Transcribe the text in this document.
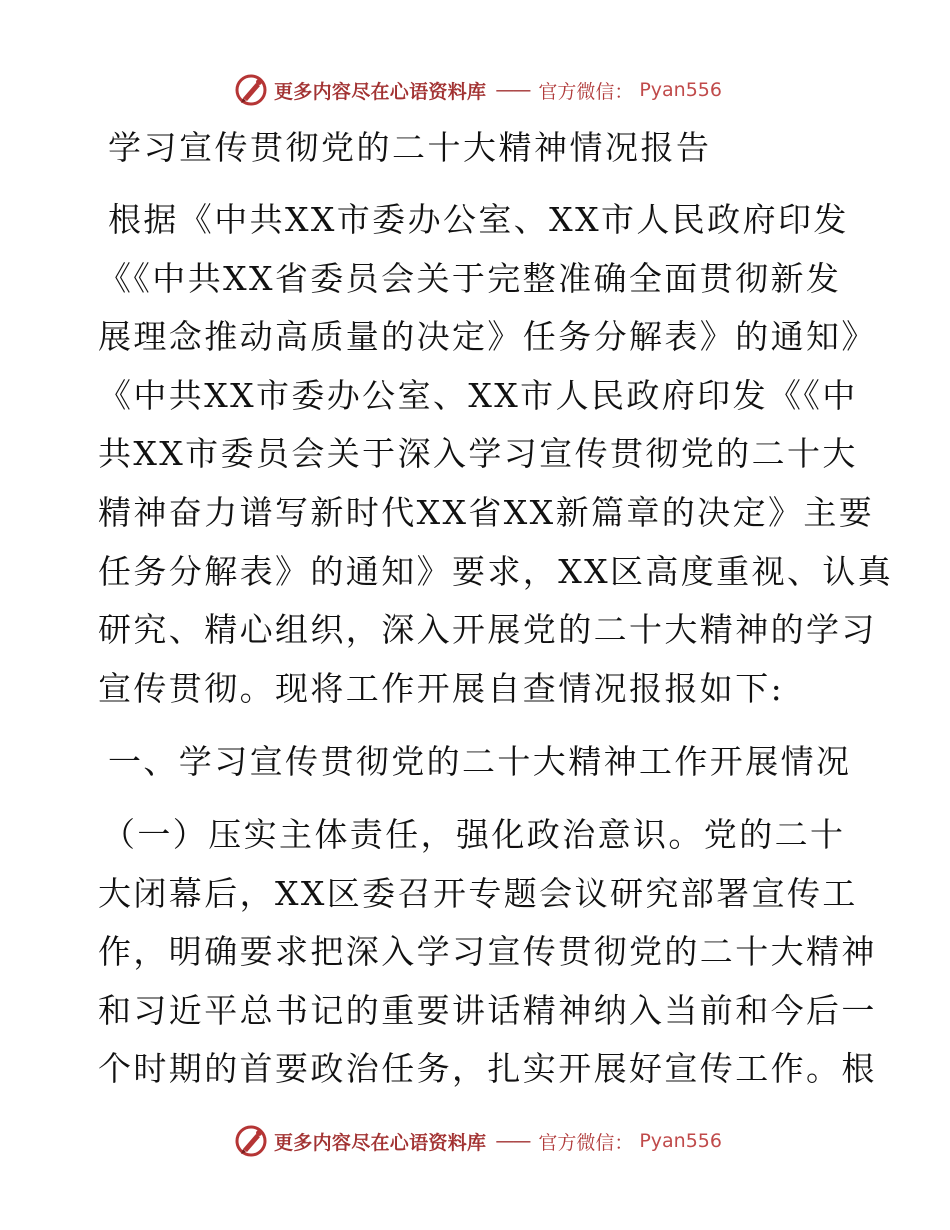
更多内容尽在心语资料库 —— 官方微信： Pyan556
学习宣传贯彻党的二十大精神情况报告

根据《中共XX市委办公室、XX市人民政府印发
《《中共XX省委员会关于完整准确全面贯彻新发
展理念推动高质量的决定》任务分解表》的通知》
《中共XX市委办公室、XX市人民政府印发《《中
共XX市委员会关于深入学习宣传贯彻党的二十大
精神奋力谱写新时代XX省XX新篇章的决定》主要
任务分解表》的通知》要求，XX区高度重视、认真
研究、精心组织，深入开展党的二十大精神的学习
宣传贯彻。现将工作开展自查情况报报如下:

一、学习宣传贯彻党的二十大精神工作开展情况

（一）压实主体责任，强化政治意识。党的二十
大闭幕后，XX区委召开专题会议研究部署宣传工
作，明确要求把深入学习宣传贯彻党的二十大精神
和习近平总书记的重要讲话精神纳入当前和今后一
个时期的首要政治任务，扎实开展好宣传工作。根

更多内容尽在心语资料库 —— 官方微信： Pyan556
